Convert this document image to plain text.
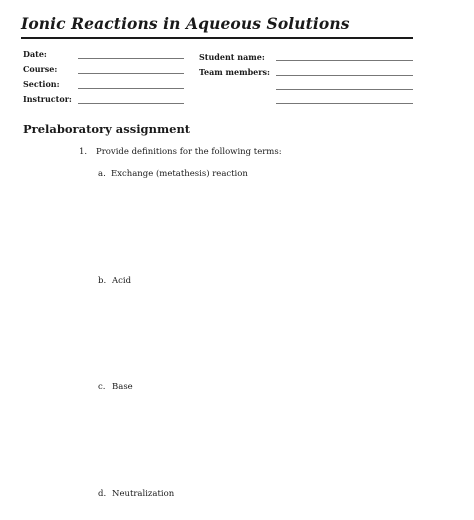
Ionic Reactions in Aqueous Solutions
Date:
Course:
Section:
Instructor:
Student name:
Team members:
Prelaboratory assignment
1. Provide definitions for the following terms:
a. Exchange (metathesis) reaction
b. Acid
c. Base
d. Neutralization
